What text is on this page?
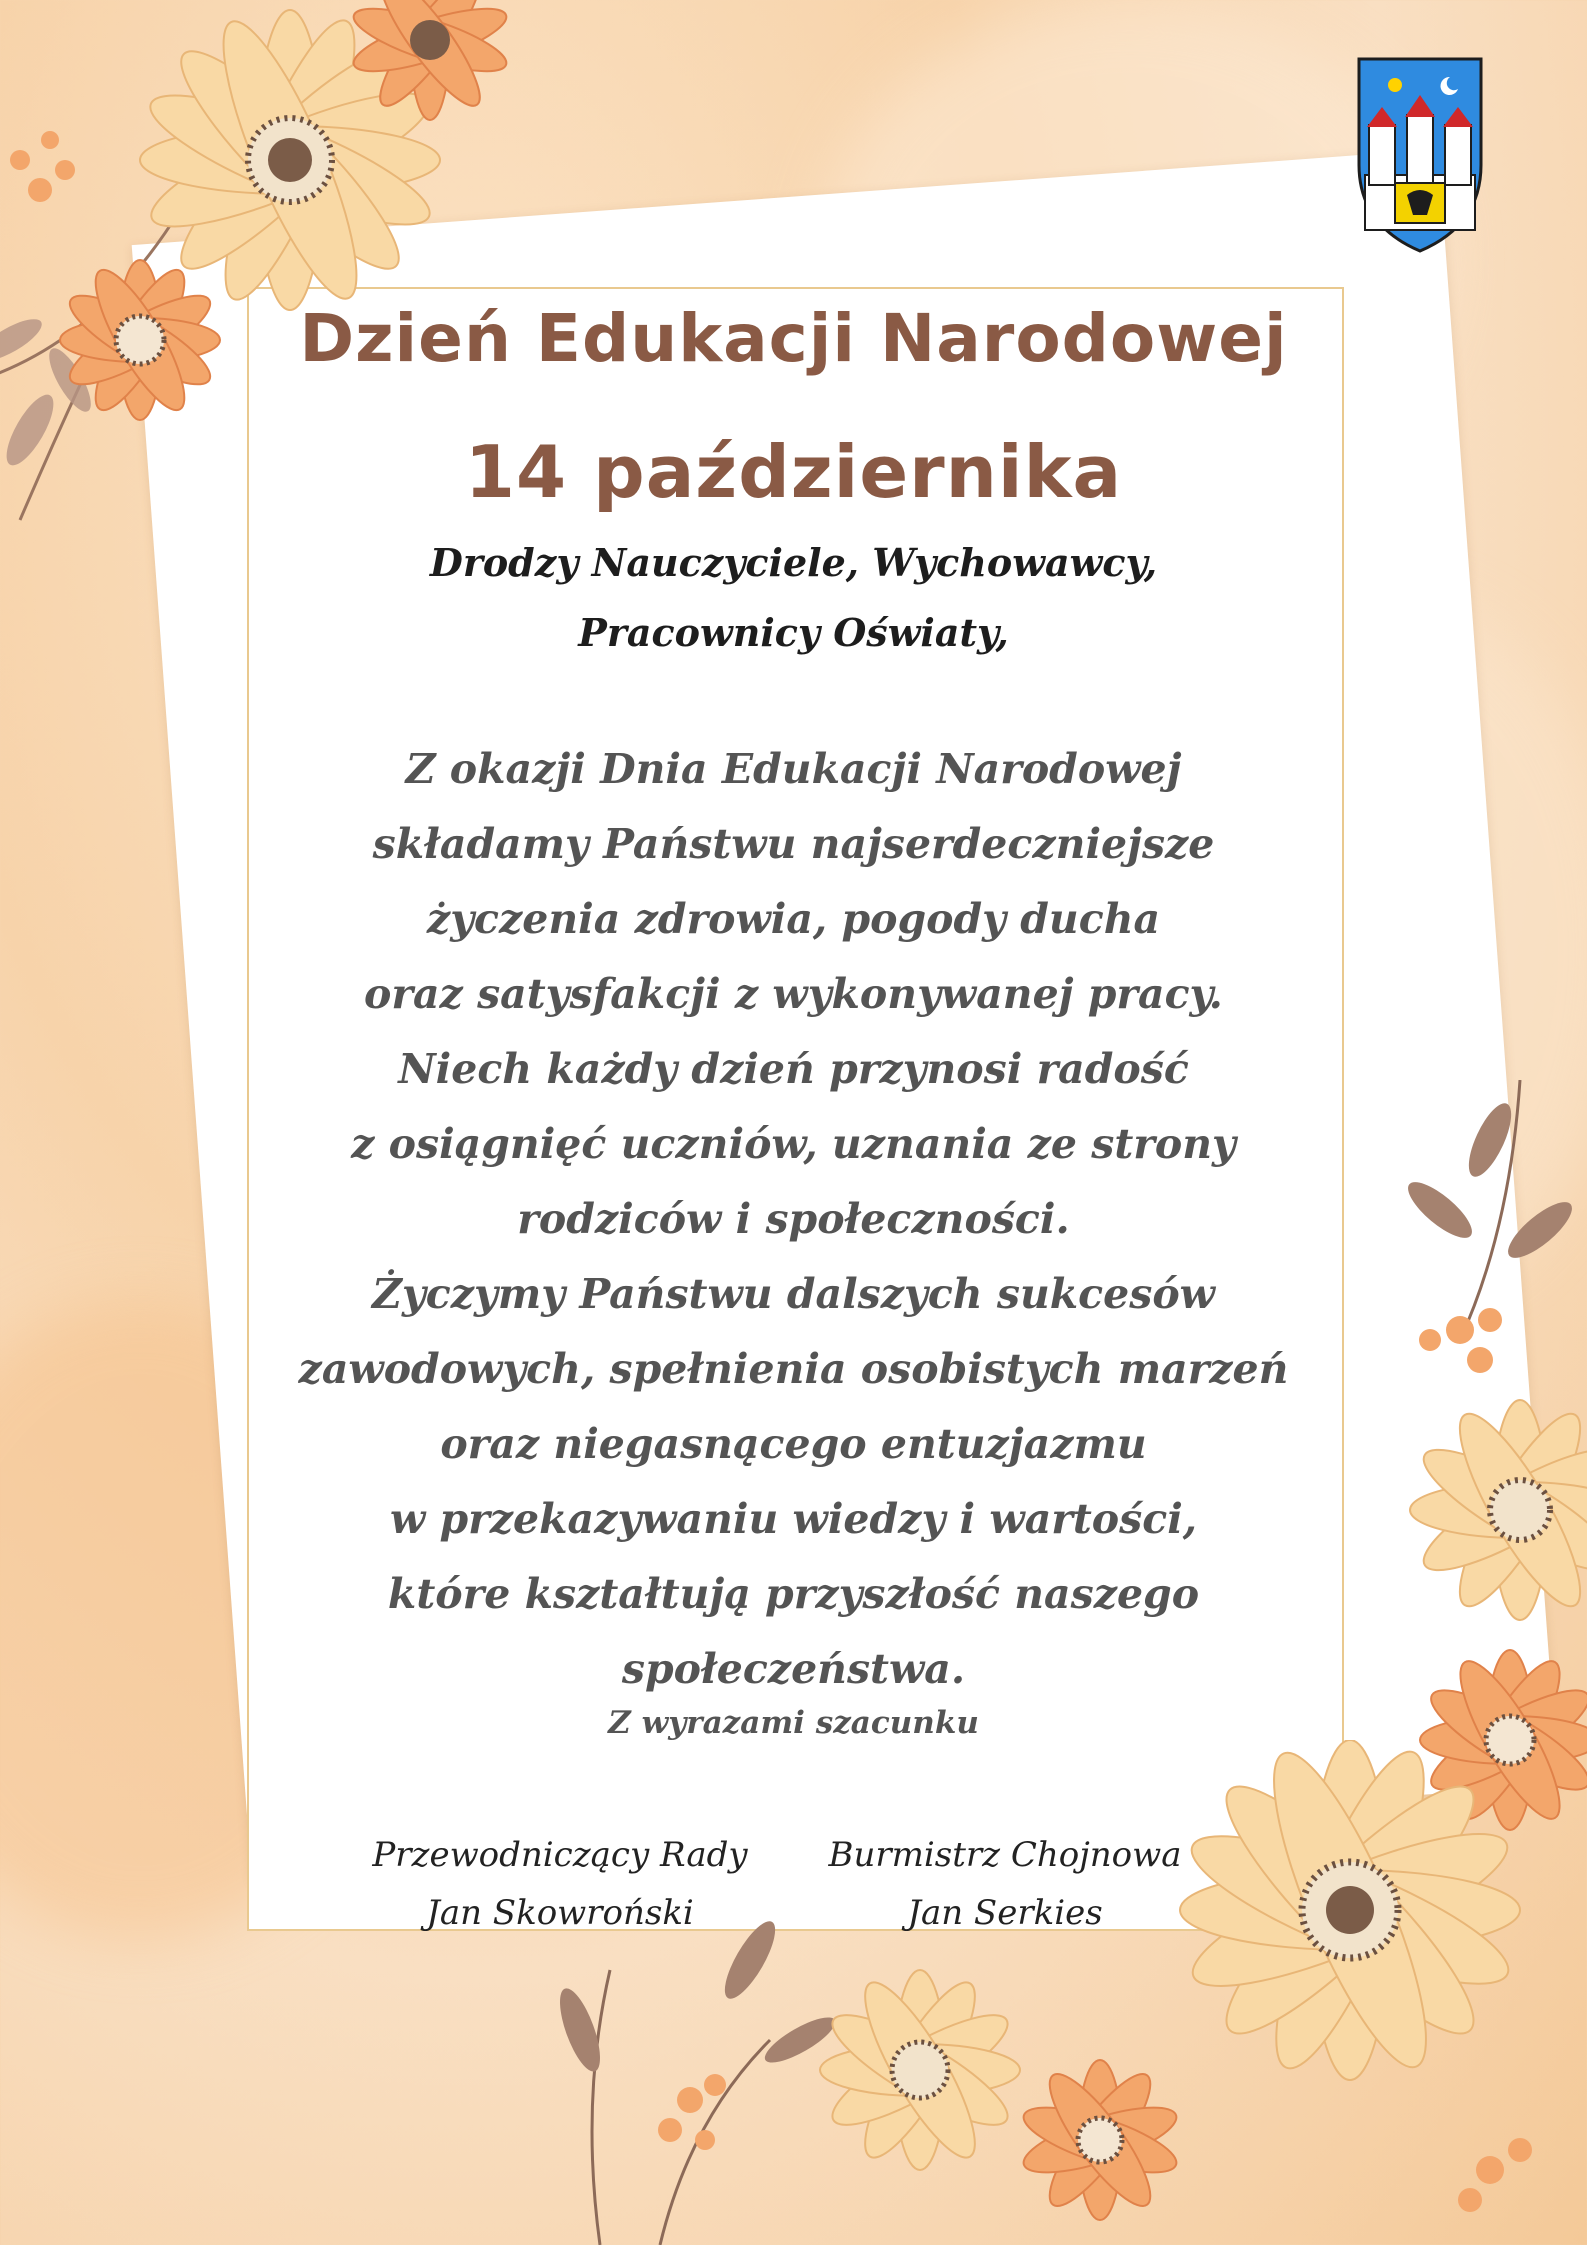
Dzień Edukacji Narodowej
14 października
Drodzy Nauczyciele, Wychowawcy,
Pracownicy Oświaty,
Z okazji Dnia Edukacji Narodowej
składamy Państwu najserdeczniejsze
życzenia zdrowia, pogody ducha
oraz satysfakcji z wykonywanej pracy.
Niech każdy dzień przynosi radość
z osiągnięć uczniów, uznania ze strony
rodziców i społeczności.
Życzymy Państwu dalszych sukcesów
zawodowych, spełnienia osobistych marzeń
oraz niegasnącego entuzjazmu
w przekazywaniu wiedzy i wartości,
które kształtują przyszłość naszego
społeczeństwa.
Z wyrazami szacunku
Przewodniczący Rady
Jan Skowroński
Burmistrz Chojnowa
Jan Serkies
